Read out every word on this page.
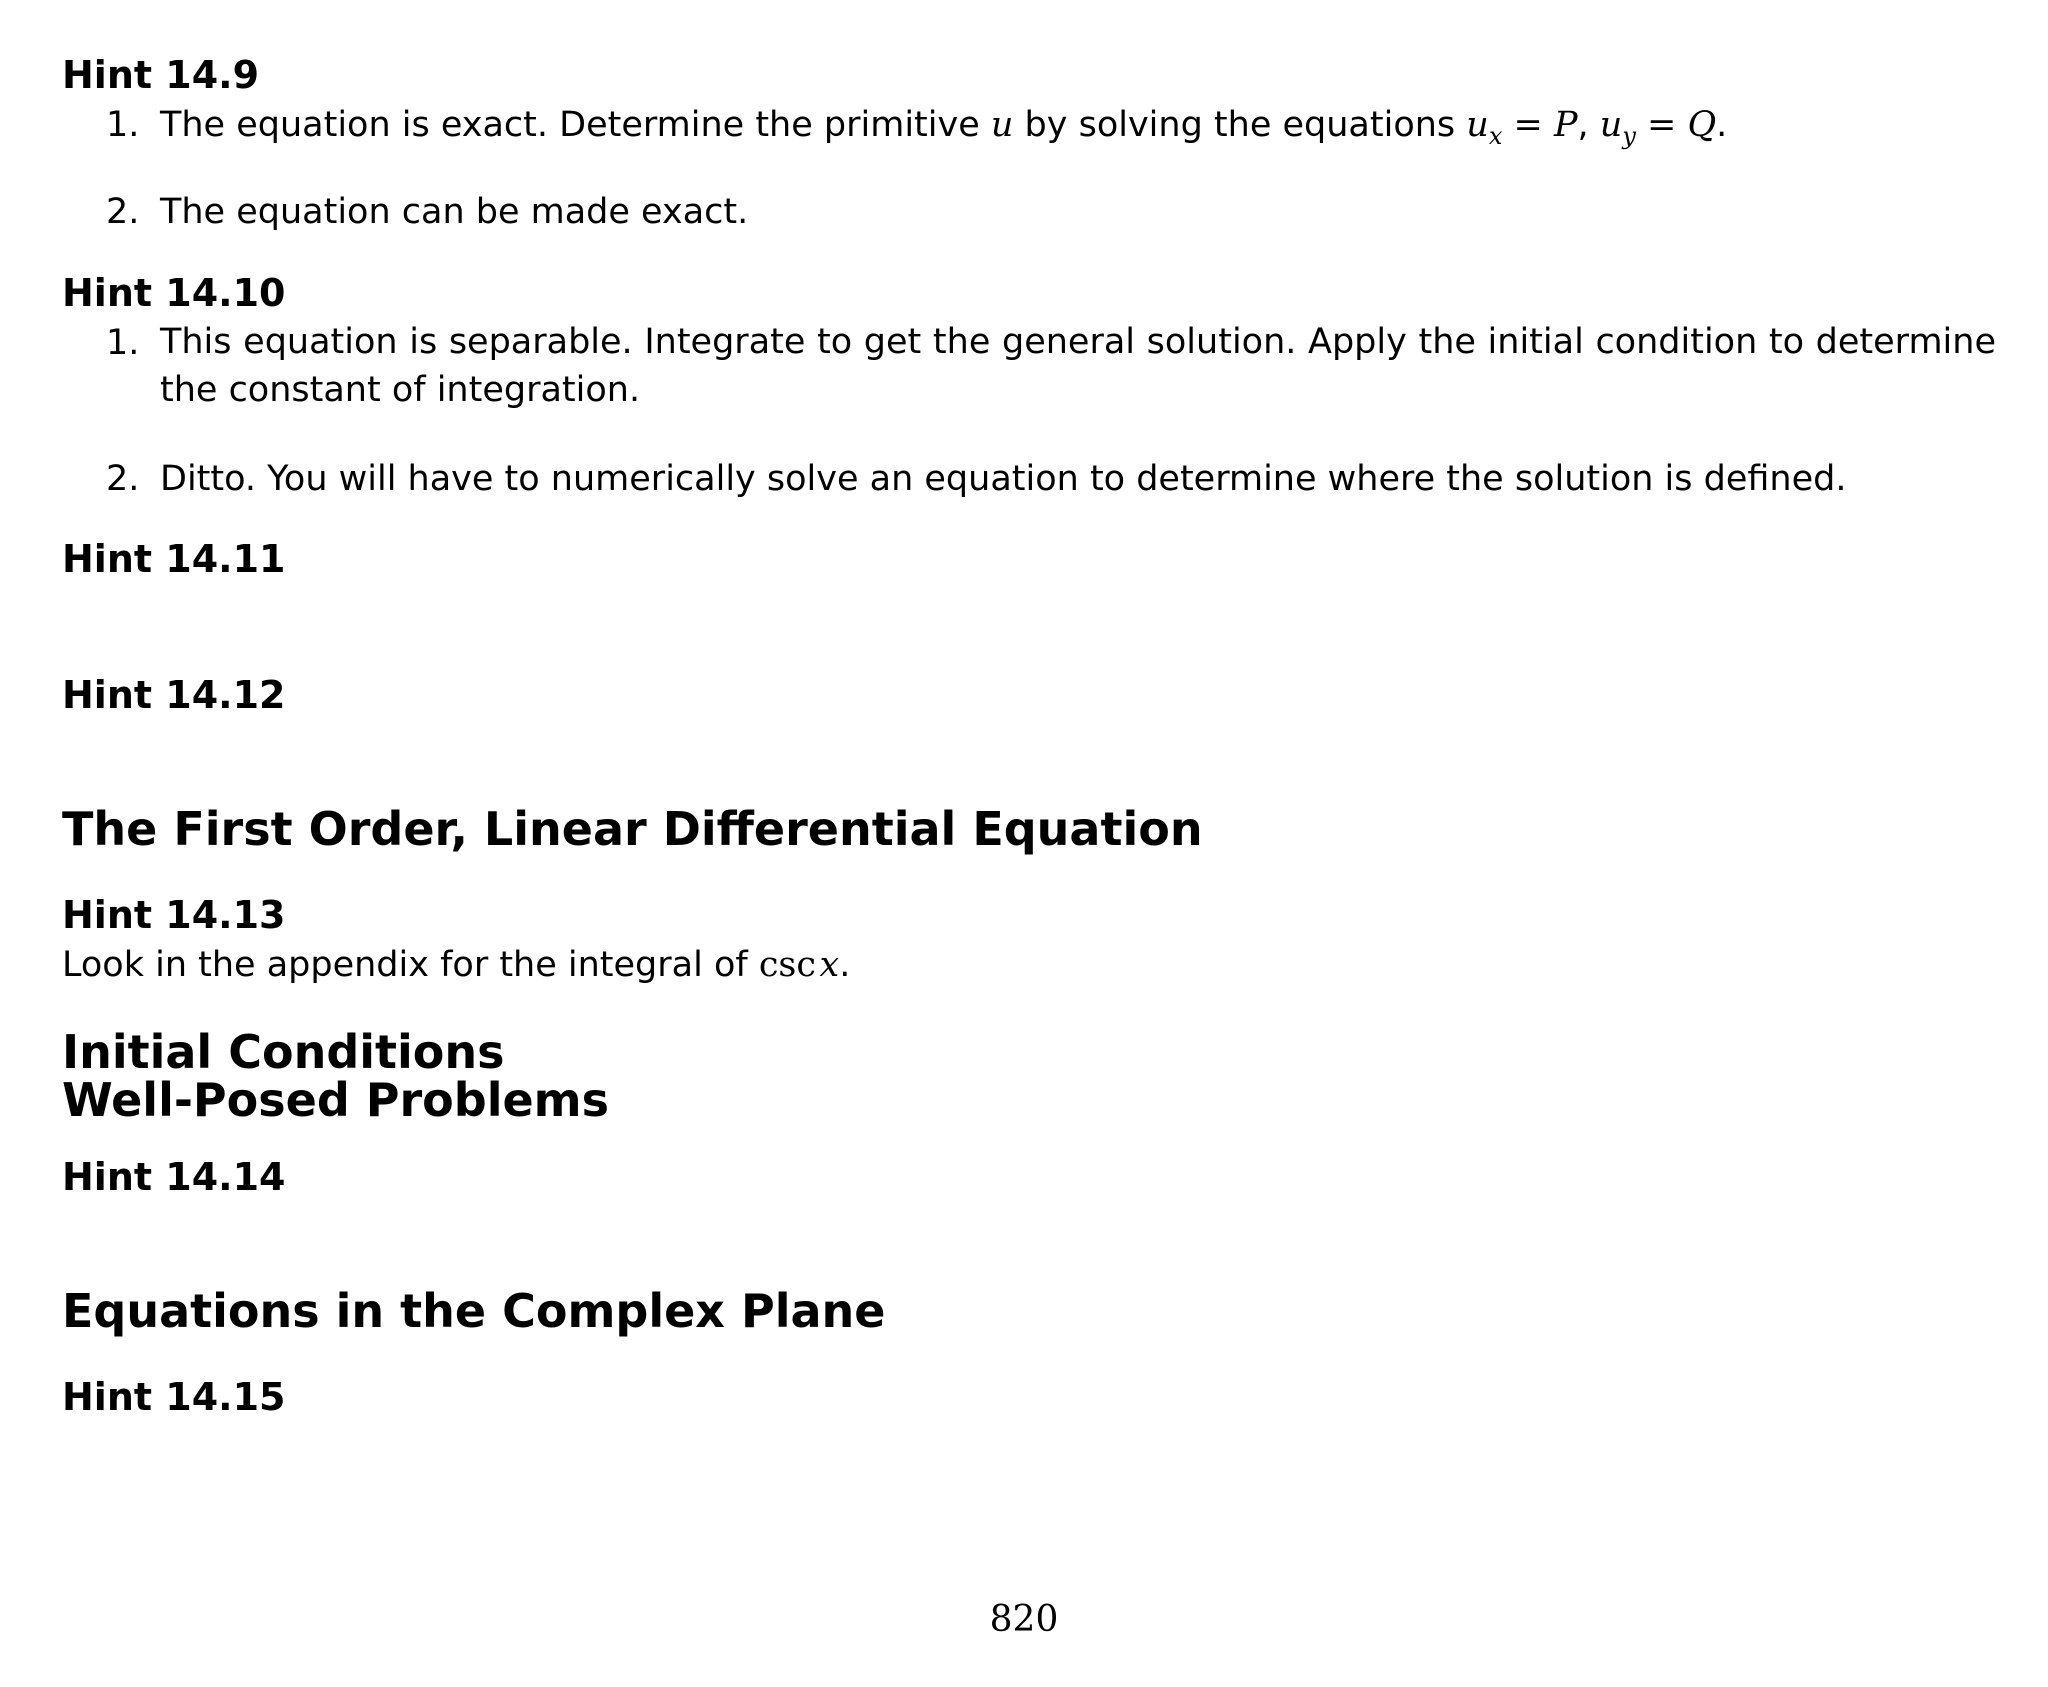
Hint 14.9
1. The equation is exact. Determine the primitive u by solving the equations $u_x = P$, $u_y = Q$.
2. The equation can be made exact.
Hint 14.10
1. This equation is separable. Integrate to get the general solution. Apply the initial condition to determine the constant of integration.
2. Ditto. You will have to numerically solve an equation to determine where the solution is defined.
Hint 14.11
Hint 14.12
The First Order, Linear Differential Equation
Hint 14.13
Look in the appendix for the integral of csc  x.
Initial Conditions
Well-Posed Problems
Hint 14.14
Equations in the Complex Plane
Hint 14.15
820
